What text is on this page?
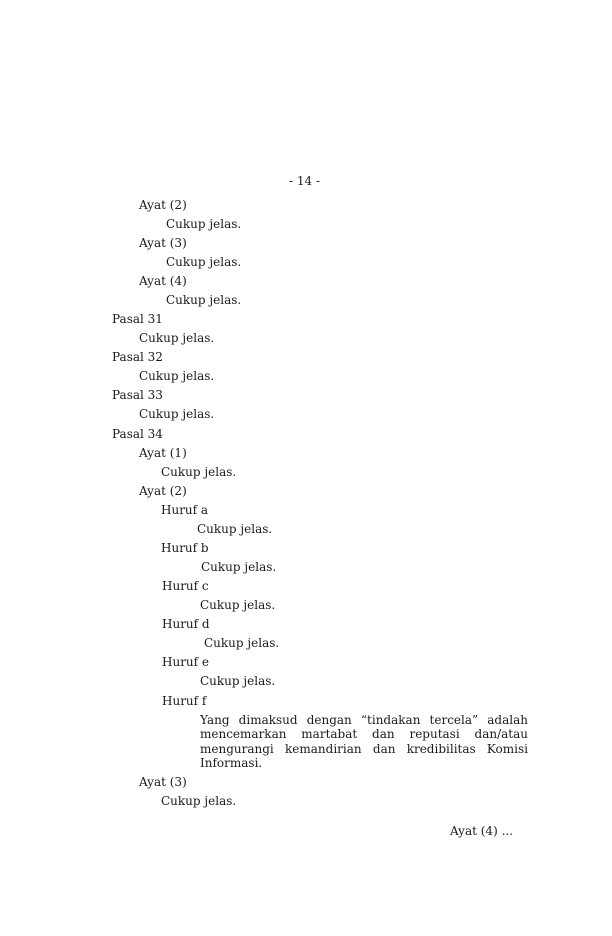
- 14 -
Ayat (2)
Cukup jelas.
Ayat (3)
Cukup jelas.
Ayat (4)
Cukup jelas.
Pasal 31
Cukup jelas.
Pasal 32
Cukup jelas.
Pasal 33
Cukup jelas.
Pasal 34
Ayat (1)
Cukup jelas.
Ayat (2)
Huruf a
Cukup jelas.
Huruf b
Cukup jelas.
Huruf c
Cukup jelas.
Huruf d
Cukup jelas.
Huruf e
Cukup jelas.
Huruf f
Yang dimaksud dengan “tindakan tercela” adalah mencemarkan martabat dan reputasi dan/atau mengurangi kemandirian dan kredibilitas Komisi Informasi.
Ayat (3)
Cukup jelas.
Ayat (4) ...
